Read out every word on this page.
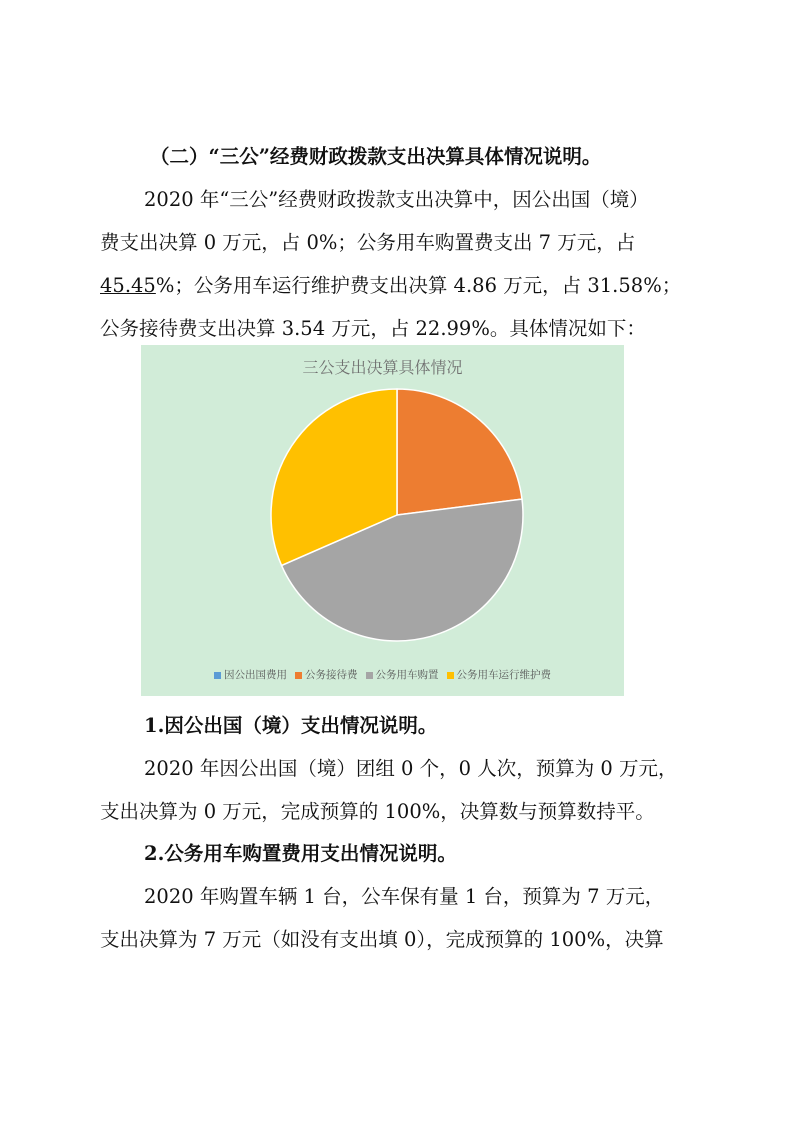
（二）“三公”经费财政拨款支出决算具体情况说明。
2020 年“三公”经费财政拨款支出决算中，因公出国（境）
费支出决算 0 万元，占 0%；公务用车购置费支出 7 万元，占
45.45%；公务用车运行维护费支出决算 4.86 万元，占 31.58%；
公务接待费支出决算 3.54 万元，占 22.99%。具体情况如下：
三公支出决算具体情况
因公出国费用 公务接待费 公务用车购置 公务用车运行维护费
1.因公出国（境）支出情况说明。
2020 年因公出国（境）团组 0 个，0 人次，预算为 0 万元，
支出决算为 0 万元，完成预算的 100%，决算数与预算数持平。
2.公务用车购置费用支出情况说明。
2020 年购置车辆 1 台，公车保有量 1 台，预算为 7 万元，
支出决算为 7 万元（如没有支出填 0），完成预算的 100%，决算
